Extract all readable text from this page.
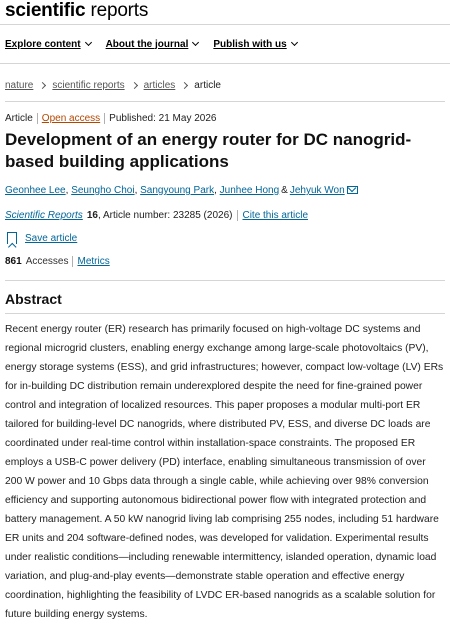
scientific reports
Explore content	About the journal	Publish with us
nature scientific reports articles article
Article Open access Published: 21 May 2026
Development of an energy router for DC nanogrid-based building applications
Geonhee Lee, Seungho Choi, Sangyoung Park, Junhee Hong & Jehyuk Won
Scientific Reports 16 , Article number: 23285 (2026) Cite this article
Save article
861 Accesses Metrics
Abstract

Recent energy router (ER) research has primarily focused on high-voltage DC systems and regional microgrid clusters, enabling energy exchange among large-scale photovoltaics (PV), energy storage systems (ESS), and grid infrastructures; however, compact low-voltage (LV) ERs for in-building DC distribution remain underexplored despite the need for fine-grained power control and integration of localized resources. This paper proposes a modular multi-port ER tailored for building-level DC nanogrids, where distributed PV, ESS, and diverse DC loads are coordinated under real-time control within installation-space constraints. The proposed ER employs a USB-C power delivery (PD) interface, enabling simultaneous transmission of over 200 W power and 10 Gbps data through a single cable, while achieving over 98% conversion efficiency and supporting autonomous bidirectional power flow with integrated protection and battery management. A 50 kW nanogrid living lab comprising 255 nodes, including 51 hardware ER units and 204 software-defined nodes, was developed for validation. Experimental results under realistic conditions—including renewable intermittency, islanded operation, dynamic load variation, and plug-and-play events—demonstrate stable operation and effective energy coordination, highlighting the feasibility of LVDC ER-based nanogrids as a scalable solution for future building energy systems.
